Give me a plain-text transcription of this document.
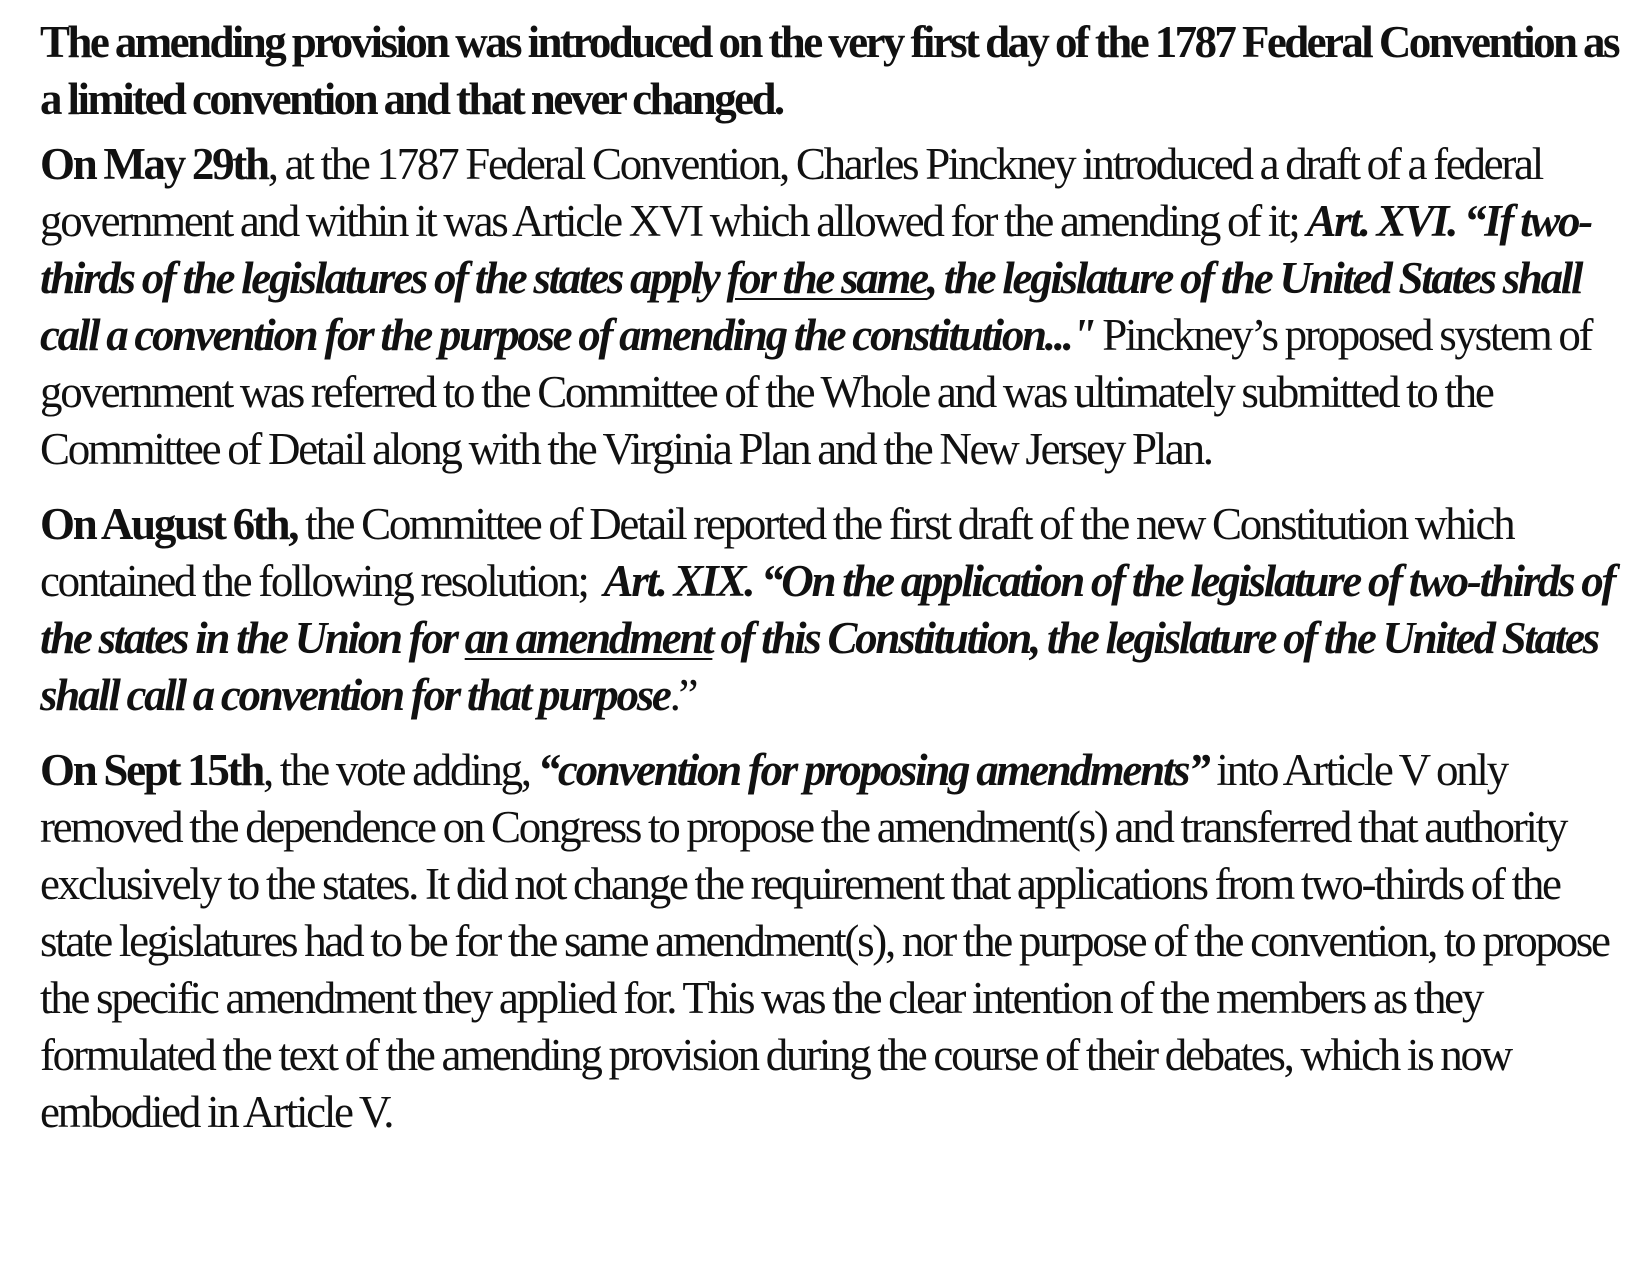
The amending provision was introduced on the very first day of the 1787 Federal Convention as a limited convention and that never changed.

On May 29th, at the 1787 Federal Convention, Charles Pinckney introduced a draft of a federal government and within it was Article XVI which allowed for the amending of it; Art. XVI. “If two-thirds of the legislatures of the states apply for the same, the legislature of the United States shall call a convention for the purpose of amending the constitution..." Pinckney’s proposed system of government was referred to the Committee of the Whole and was ultimately submitted to the Committee of Detail along with the Virginia Plan and the New Jersey Plan.

On August 6th, the Committee of Detail reported the first draft of the new Constitution which contained the following resolution;  Art. XIX. “On the application of the legislature of two-thirds of the states in the Union for an amendment of this Constitution, the legislature of the United States shall call a convention for that purpose.”

On Sept 15th, the vote adding, “convention for proposing amendments” into Article V only removed the dependence on Congress to propose the amendment(s) and transferred that authority exclusively to the states. It did not change the requirement that applications from two-thirds of the state legislatures had to be for the same amendment(s), nor the purpose of the convention, to propose the specific amendment they applied for. This was the clear intention of the members as they formulated the text of the amending provision during the course of their debates, which is now embodied in Article V.
